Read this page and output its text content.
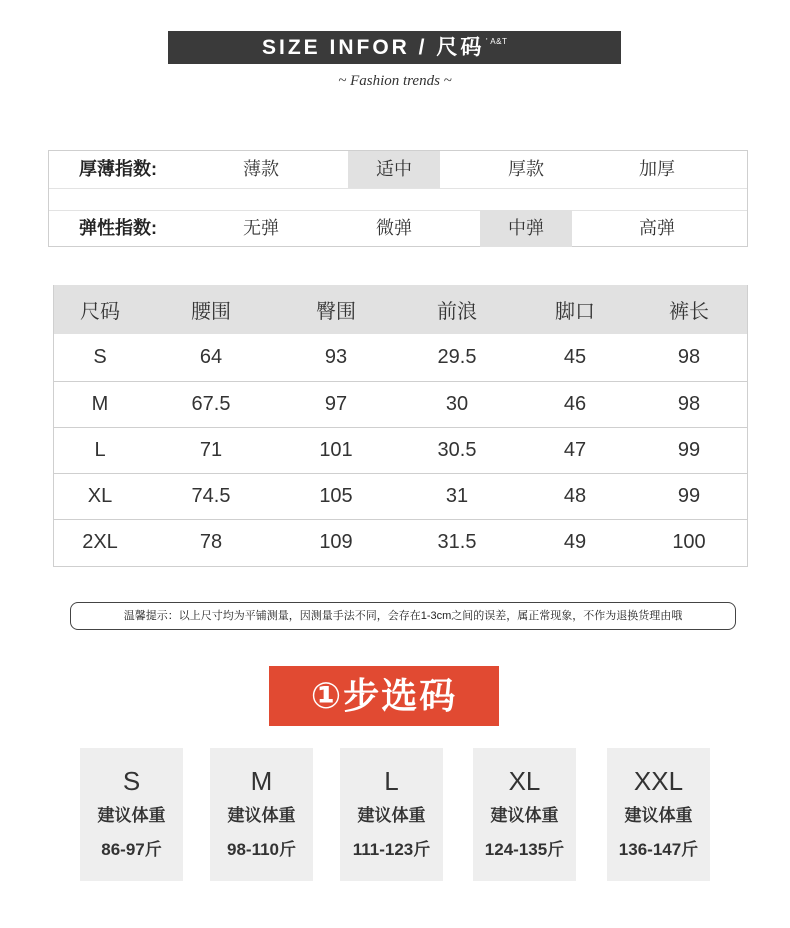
SIZE INFOR / 尺码 ' A&T
~ Fashion trends ~
厚薄指数:	薄款	适中	厚款	加厚
弹性指数:	无弹	微弹	中弹	高弹
尺码	腰围	臀围	前浪	脚口	裤长
S	64	93	29.5	45	98
M	67.5	97	30	46	98
L	71	101	30.5	47	99
XL	74.5	105	31	48	99
2XL	78	109	31.5	49	100
温馨提示：以上尺寸均为平铺测量，因测量手法不同，会存在1-3cm之间的误差，属正常现象，不作为退换货理由哦
①步选码
S
建议体重
86-97斤
M
建议体重
98-110斤
L
建议体重
111-123斤
XL
建议体重
124-135斤
XXL
建议体重
136-147斤
